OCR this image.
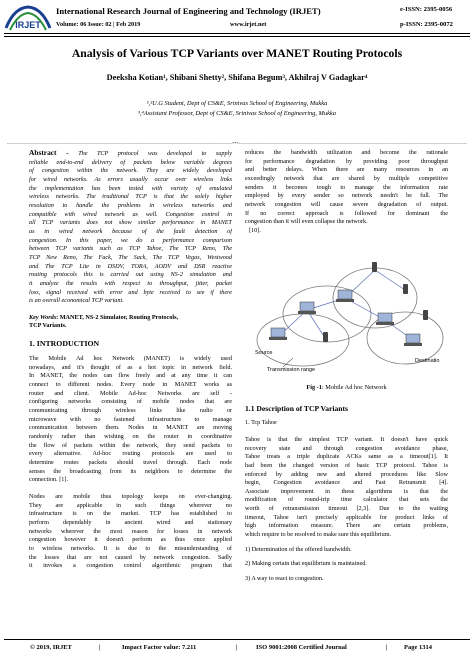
IRJET
International Research Journal of Engineering and Technology (IRJET)	e-ISSN: 2395-0056
Volume: 06 Issue: 02 | Feb 2019	www.irjet.net	p-ISSN: 2395-0072
Analysis of Various TCP Variants over MANET Routing Protocols
Deeksha Kotian¹, Shibani Shetty², Shifana Begum³, Akhilraj V Gadagkar⁴
¹,²U.G Student, Dept of CS&E, Srinivas School of Engineering, Mukka
³,⁴Assistant Professor, Dept of CS&E, Srinivas School of Engineering, Mukka
---------------------------------------------------------------------------------------------------------------------------------------------------***-----------------------------------------------------------------------------------------------------------------------------------------------------
Abstract - The TCP protocol was developed to supply
reliable end-to-end delivery of packets below variable degrees
of congestion within the network. They are widely developed
for wired networks. As errors usually occur over wireless links
the implementation has been tested with variety of emulated
wireless networks. The traditional TCP is that the solely higher
resolution to handle the problems in wireless networks and
compatible with wired network as well. Congestion control in
all TCP variants does not show similar performance in MANET
as in wired network because of the fault detection of
congestion. In this paper, we do a performance comparison
between TCP variants such as TCP Tahoe, The TCP Reno, The
TCP New Reno, The Fack, The Sack, The TCP Vegas, Westwood
and The TCP Lite in DSDV, TORA, AODV and DSR reactive
routing protocols this is carried out using NS-2 simulation and
it analyze the results with respect to throughput, jitter, packet
loss, signal received with error and byte received to see if there
is an overall economical TCP variant.
Key Words: MANET, NS-2 Simulator, Routing Protocols,
TCP Variants.
1. INTRODUCTION
The Mobile Ad hoc Network (MANET) is widely used
nowadays, and it's thought of as a hot topic in network field.
In MANET, the nodes can flow freely and at any time it can
connect to different nodes. Every node in MANET works as
router and client. Mobile Ad-hoc Networks are self -
configuring networks consisting of mobile nodes that are
communicating through wireless links like radio or
microwave with no fastened infrastructure to manage
communication between them. Nodes in MANET are moving
randomly rather than wishing on the router in coordinative
the flow of packets within the network, they send packets to
every alternative. Ad-hoc routing protocols are used to
determine routes packets should travel through. Each node
senses the broadcasting from its neighbors to determine the
connection. [1].
Nodes are mobile thus topology keeps on ever-changing.
They are applicable in such things wherever no
infrastructure is on the market. TCP has established to
perform dependably in ancient wired and stationary
networks wherever the most reason for losses in network
congestion however it doesn't perform as thus once applied
to wireless networks. It is due to the misunderstanding of
the losses that are not caused by network congestion. Sadly
it invokes a congestion control algorithmic program that
reduces the bandwidth utilization and become the rationale
for performance degradation by providing poor throughput
and better delays. When there are many resources in an
exceedingly network that are shared by multiple competitive
senders it becomes tough to manage the information rate
employed by every sender so network needn't be full. The
network congestion will cause severe degradation of output.
If no correct approach is followed for dominant the
congestion than it will even collapse the network.
[10].
Source
Transmission range
Destinatio
Fig -1: Mobile Ad hoc Network
1.1 Description of TCP Variants
1. Tcp Tahoe
Tahoe is that the simplest TCP variant. It doesn't have quick
recovery state and through congestion avoidance phase,
Tahoe treats a triple duplicate ACKs same as a timeout[1]. It
had been the changed version of basic TCP protocol. Tahoe is
enforced by adding new and altered procedures like Slow
begin, Congestion avoidance and Fast Retransmit [4].
Associate improvement in these algorithms is that the
modification of round-trip time calculator that sets the
worth of retransmission timeout [2,3]. Due to the waiting
timeout, Tahoe isn't precisely applicable for product links of
high information measure. There are certain problems,
which require to be resolved to make sure this equilibrium.
1) Determination of the offered bandwidth.
2) Making certain that equilibrium is maintained.
3) A way to react to congestion.
© 2019, IRJET	|	Impact Factor value: 7.211	|	ISO 9001:2008 Certified Journal	|	Page 1314
